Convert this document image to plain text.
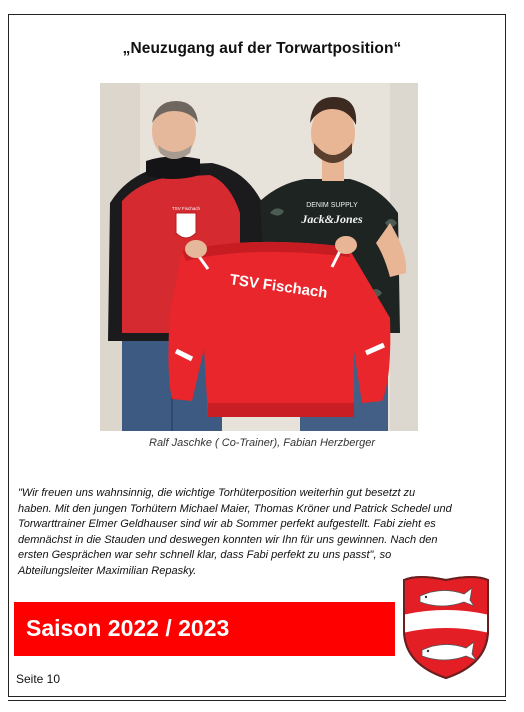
„Neuzugang auf der Torwartposition“
TSV Fischach	DENIM SUPPLY
Jack&Jones
TSV Fischach
Ralf Jaschke ( Co-Trainer), Fabian Herzberger
"Wir freuen uns wahnsinnig, die wichtige Torhüterposition weiterhin gut besetzt zu
haben. Mit den jungen Torhütern Michael Maier, Thomas Kröner und Patrick Schedel und
Torwarttrainer Elmer Geldhauser sind wir ab Sommer perfekt aufgestellt. Fabi zieht es
demnächst in die Stauden und deswegen konnten wir Ihn für uns gewinnen. Nach den
ersten Gesprächen war sehr schnell klar, dass Fabi perfekt zu uns passt", so
Abteilungsleiter Maximilian Repasky.
Saison 2022 / 2023
Seite 10
